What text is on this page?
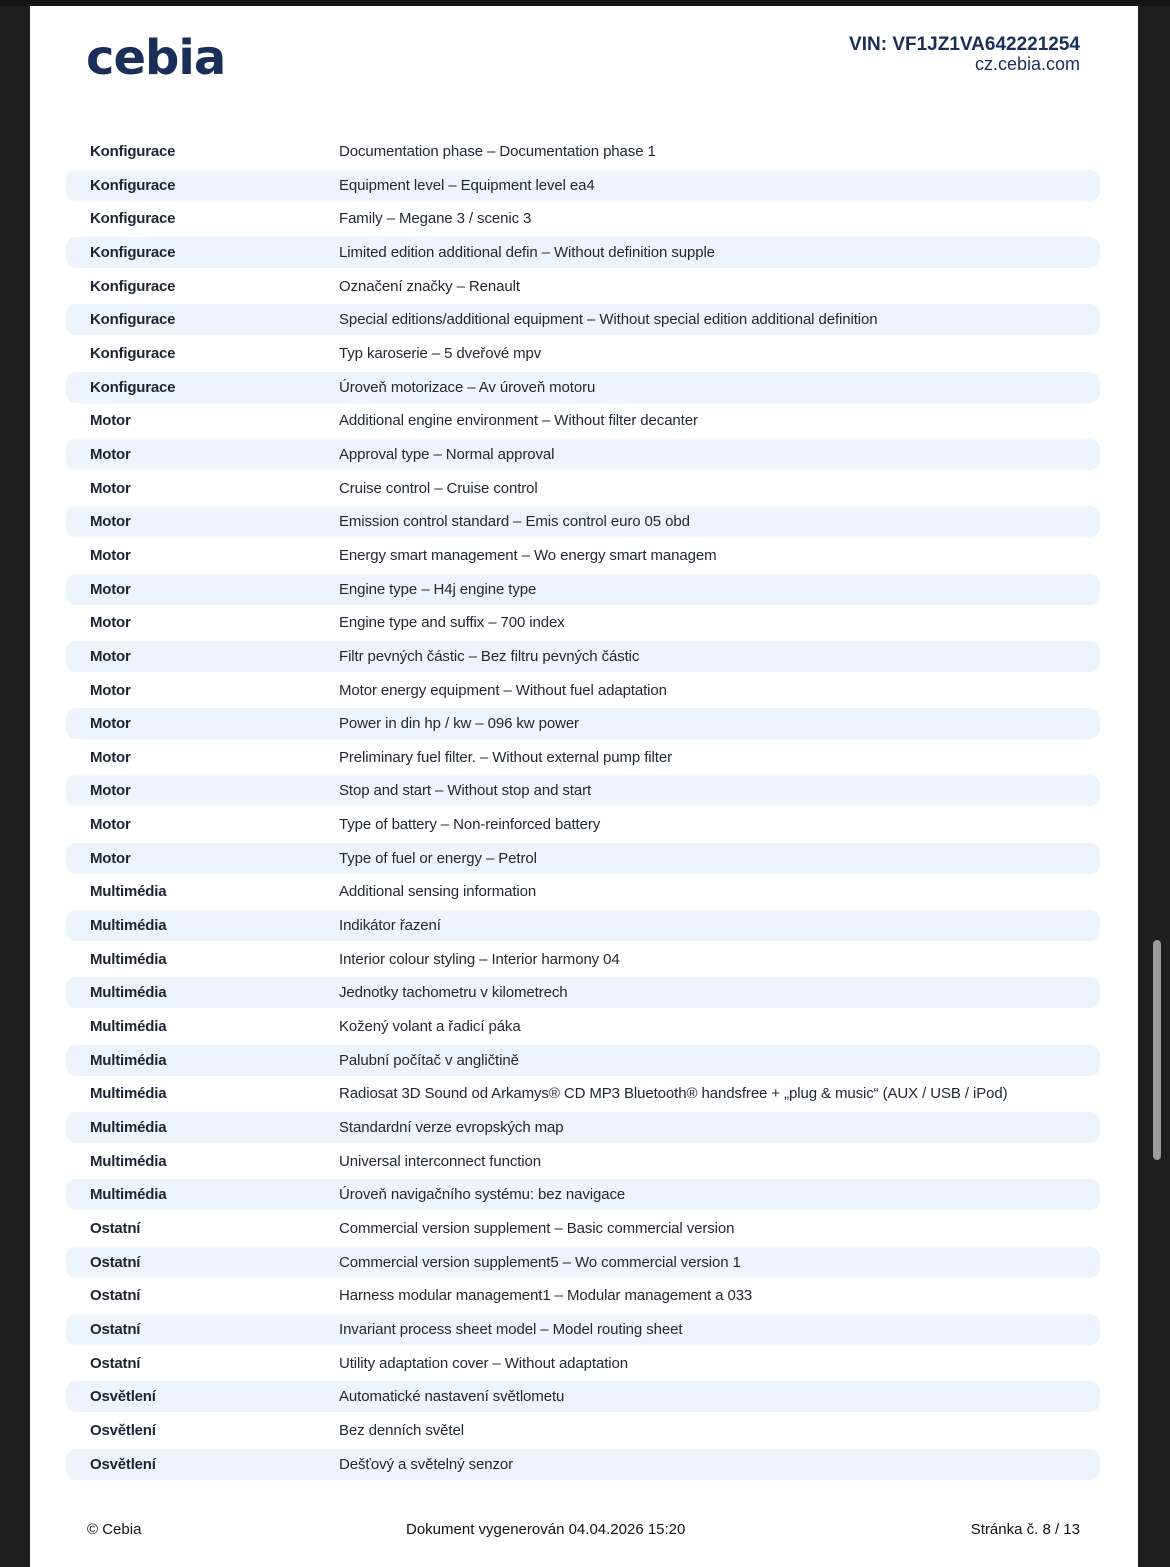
cebia	VIN: VF1JZ1VA642221254
cz.cebia.com
Konfigurace	Documentation phase – Documentation phase 1
Konfigurace	Equipment level – Equipment level ea4
Konfigurace	Family – Megane 3 / scenic 3
Konfigurace	Limited edition additional defin – Without definition supple
Konfigurace	Označení značky – Renault
Konfigurace	Special editions/additional equipment – Without special edition additional definition
Konfigurace	Typ karoserie – 5 dveřové mpv
Konfigurace	Úroveň motorizace – Av úroveň motoru
Motor	Additional engine environment – Without filter decanter
Motor	Approval type – Normal approval
Motor	Cruise control – Cruise control
Motor	Emission control standard – Emis control euro 05 obd
Motor	Energy smart management – Wo energy smart managem
Motor	Engine type – H4j engine type
Motor	Engine type and suffix – 700 index
Motor	Filtr pevných částic – Bez filtru pevných částic
Motor	Motor energy equipment – Without fuel adaptation
Motor	Power in din hp / kw – 096 kw power
Motor	Preliminary fuel filter. – Without external pump filter
Motor	Stop and start – Without stop and start
Motor	Type of battery – Non-reinforced battery
Motor	Type of fuel or energy – Petrol
Multimédia	Additional sensing information
Multimédia	Indikátor řazení
Multimédia	Interior colour styling – Interior harmony 04
Multimédia	Jednotky tachometru v kilometrech
Multimédia	Kožený volant a řadicí páka
Multimédia	Palubní počítač v angličtině
Multimédia	Radiosat 3D Sound od Arkamys® CD MP3 Bluetooth® handsfree + „plug & music“ (AUX / USB / iPod)
Multimédia	Standardní verze evropských map
Multimédia	Universal interconnect function
Multimédia	Úroveň navigačního systému: bez navigace
Ostatní	Commercial version supplement – Basic commercial version
Ostatní	Commercial version supplement5 – Wo commercial version 1
Ostatní	Harness modular management1 – Modular management a 033
Ostatní	Invariant process sheet model – Model routing sheet
Ostatní	Utility adaptation cover – Without adaptation
Osvětlení	Automatické nastavení světlometu
Osvětlení	Bez denních světel
Osvětlení	Dešťový a světelný senzor
© Cebia	Dokument vygenerován 04.04.2026 15:20	Stránka č. 8 / 13
